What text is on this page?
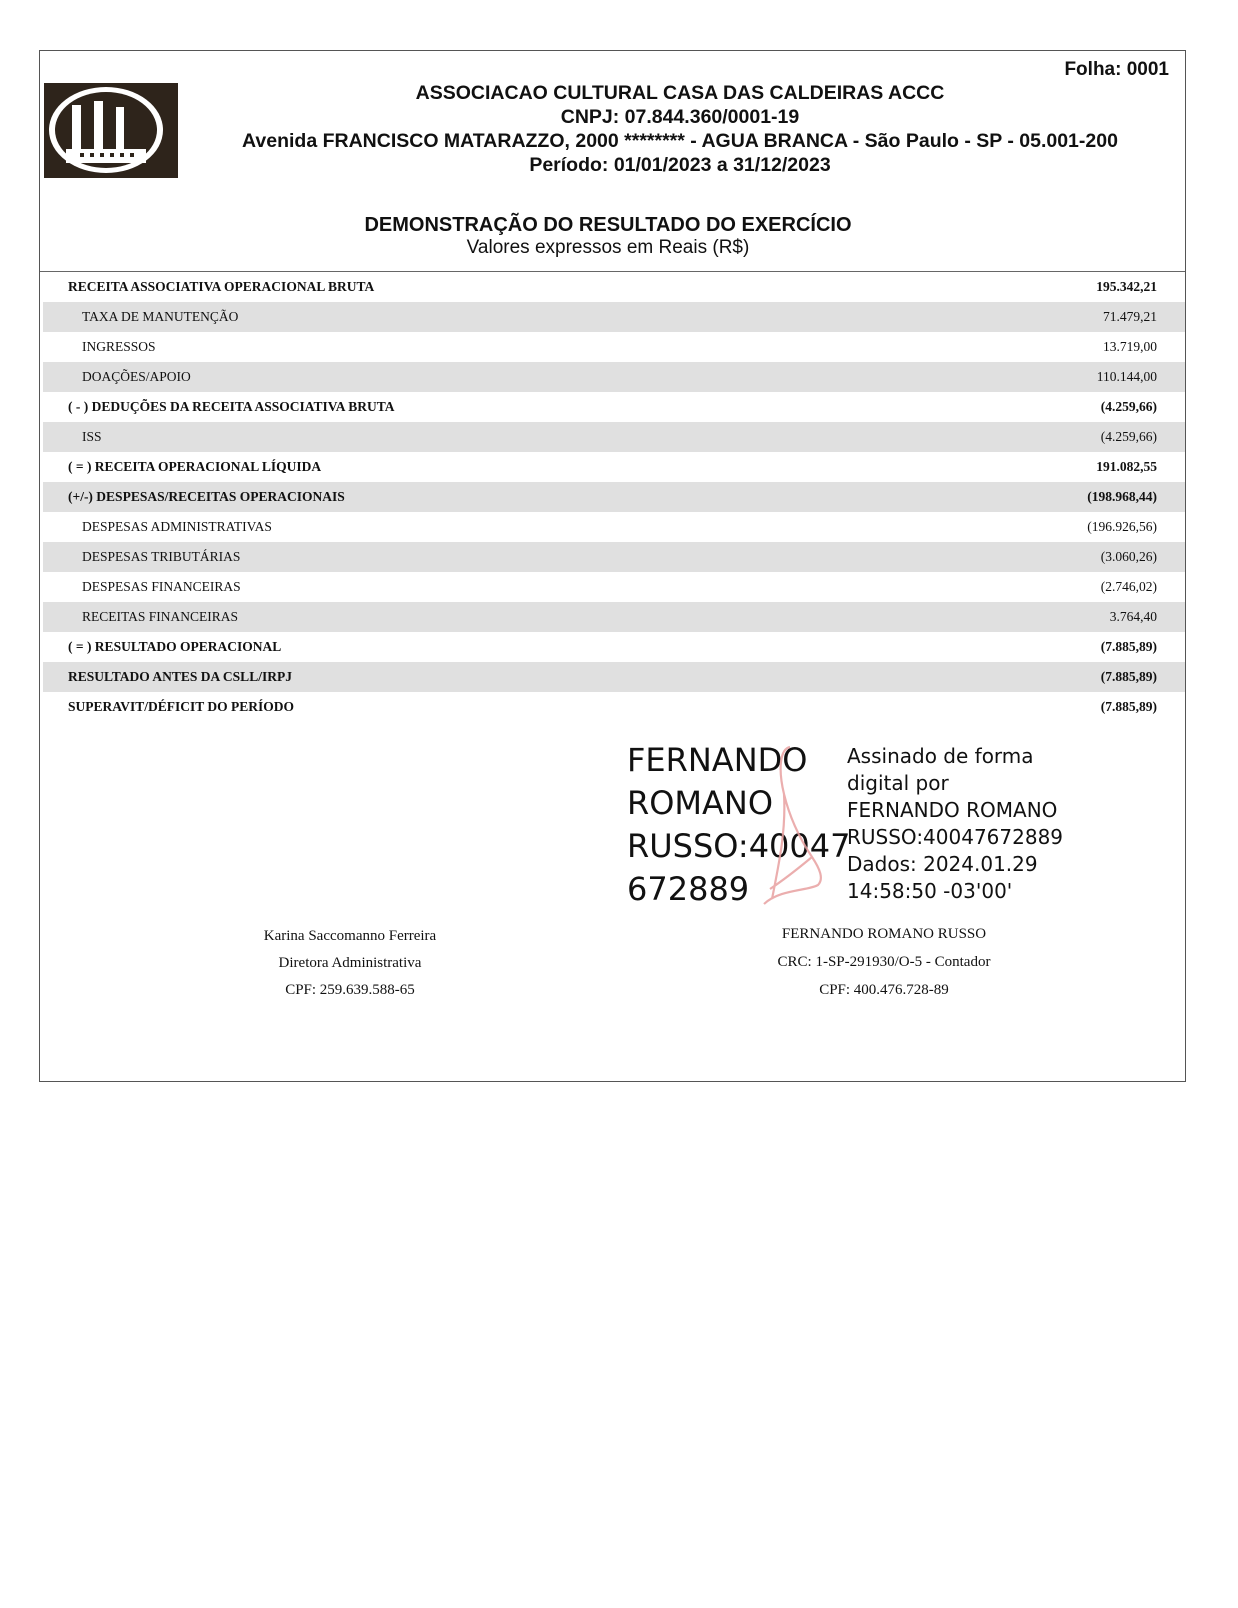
Folha: 0001
ASSOCIACAO CULTURAL CASA DAS CALDEIRAS ACCC
CNPJ: 07.844.360/0001-19
Avenida FRANCISCO MATARAZZO, 2000 ******** - AGUA BRANCA - São Paulo - SP - 05.001-200
Período: 01/01/2023 a 31/12/2023
DEMONSTRAÇÃO DO RESULTADO DO EXERCÍCIO
Valores expressos em Reais (R$)
RECEITA ASSOCIATIVA OPERACIONAL BRUTA	195.342,21
TAXA DE MANUTENÇÃO	71.479,21
INGRESSOS	13.719,00
DOAÇÕES/APOIO	110.144,00
( - ) DEDUÇÕES DA RECEITA ASSOCIATIVA BRUTA	(4.259,66)
ISS	(4.259,66)
( = ) RECEITA OPERACIONAL LÍQUIDA	191.082,55
(+/-) DESPESAS/RECEITAS OPERACIONAIS	(198.968,44)
DESPESAS ADMINISTRATIVAS	(196.926,56)
DESPESAS TRIBUTÁRIAS	(3.060,26)
DESPESAS FINANCEIRAS	(2.746,02)
RECEITAS FINANCEIRAS	3.764,40
( = ) RESULTADO OPERACIONAL	(7.885,89)
RESULTADO ANTES DA CSLL/IRPJ	(7.885,89)
SUPERAVIT/DÉFICIT DO PERÍODO	(7.885,89)
FERNANDO
ROMANO
RUSSO:40047
672889
Assinado de forma
digital por
FERNANDO ROMANO
RUSSO:40047672889
Dados: 2024.01.29
14:58:50 -03'00'
Karina Saccomanno Ferreira
Diretora Administrativa
CPF: 259.639.588-65
FERNANDO ROMANO RUSSO
CRC: 1-SP-291930/O-5 - Contador
CPF: 400.476.728-89
